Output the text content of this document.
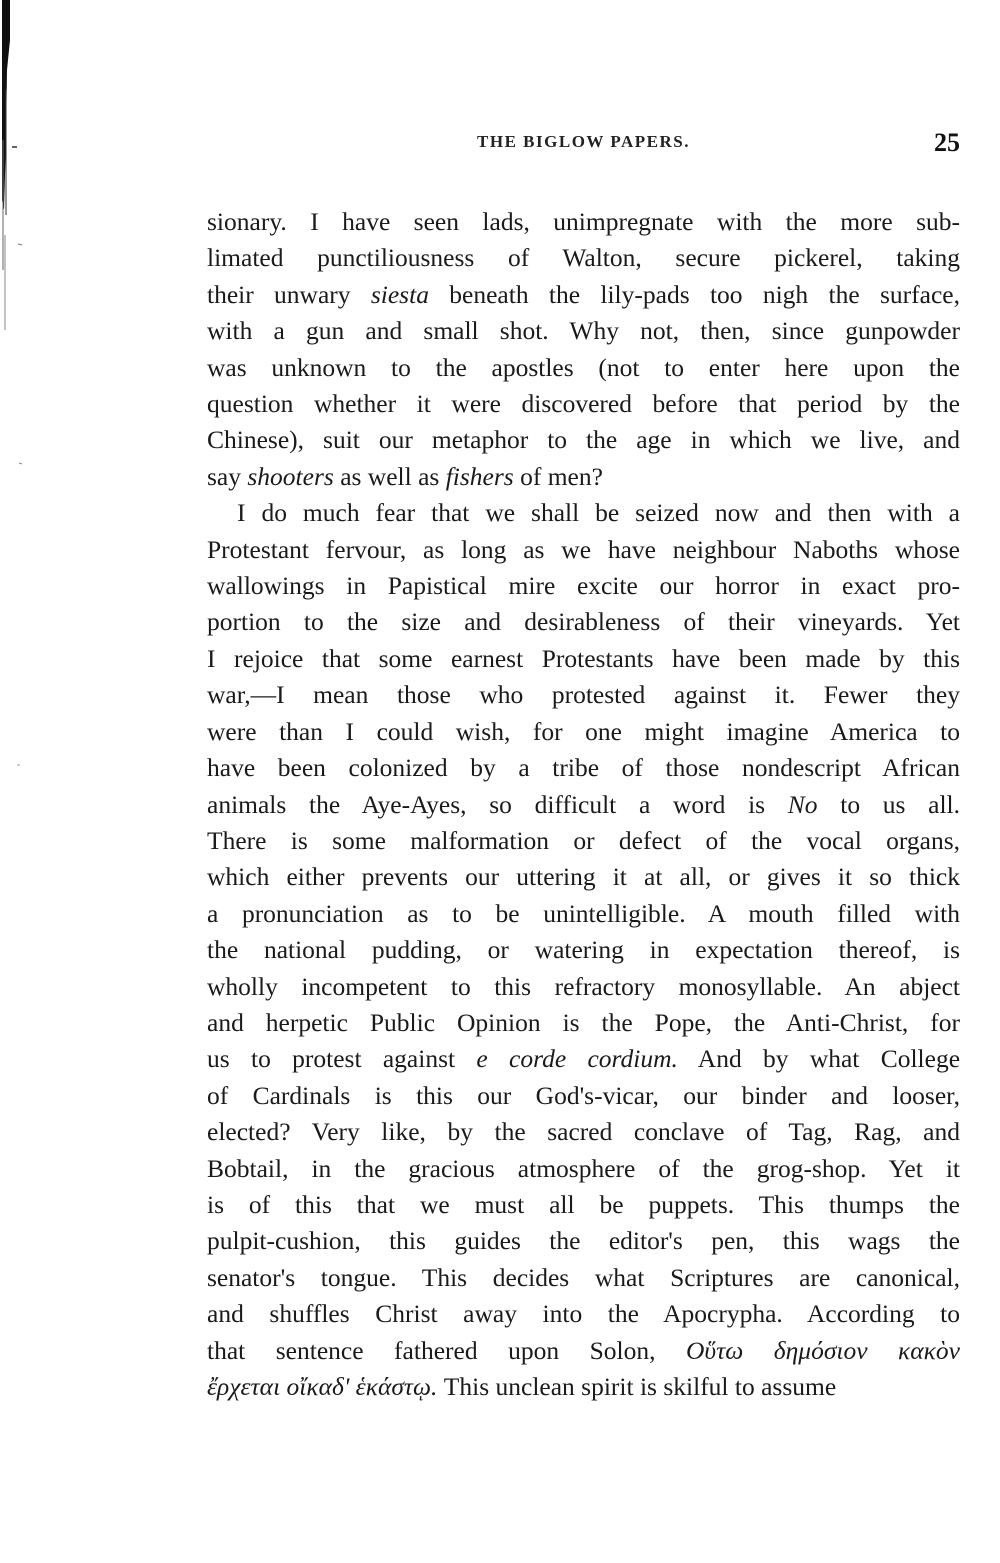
THE BIGLOW PAPERS.	25

sionary. I have seen lads, unimpregnate with the more sub-
limated punctiliousness of Walton, secure pickerel, taking
their unwary siesta beneath the lily-pads too nigh the surface,
with a gun and small shot. Why not, then, since gunpowder
was unknown to the apostles (not to enter here upon the
question whether it were discovered before that period by the
Chinese), suit our metaphor to the age in which we live, and
say shooters as well as fishers of men?

I do much fear that we shall be seized now and then with a
Protestant fervour, as long as we have neighbour Naboths whose
wallowings in Papistical mire excite our horror in exact pro-
portion to the size and desirableness of their vineyards. Yet
I rejoice that some earnest Protestants have been made by this
war,—I mean those who protested against it. Fewer they
were than I could wish, for one might imagine America to
have been colonized by a tribe of those nondescript African
animals the Aye-Ayes, so difficult a word is No to us all.
There is some malformation or defect of the vocal organs,
which either prevents our uttering it at all, or gives it so thick
a pronunciation as to be unintelligible. A mouth filled with
the national pudding, or watering in expectation thereof, is
wholly incompetent to this refractory monosyllable. An abject
and herpetic Public Opinion is the Pope, the Anti-Christ, for
us to protest against e corde cordium. And by what College
of Cardinals is this our God's-vicar, our binder and looser,
elected? Very like, by the sacred conclave of Tag, Rag, and
Bobtail, in the gracious atmosphere of the grog-shop. Yet it
is of this that we must all be puppets. This thumps the
pulpit-cushion, this guides the editor's pen, this wags the
senator's tongue. This decides what Scriptures are canonical,
and shuffles Christ away into the Apocrypha. According to
that sentence fathered upon Solon, Οὕτω δημόσιον κακὸν
ἔρχεται οἴκαδ' ἑκάστῳ. This unclean spirit is skilful to assume
